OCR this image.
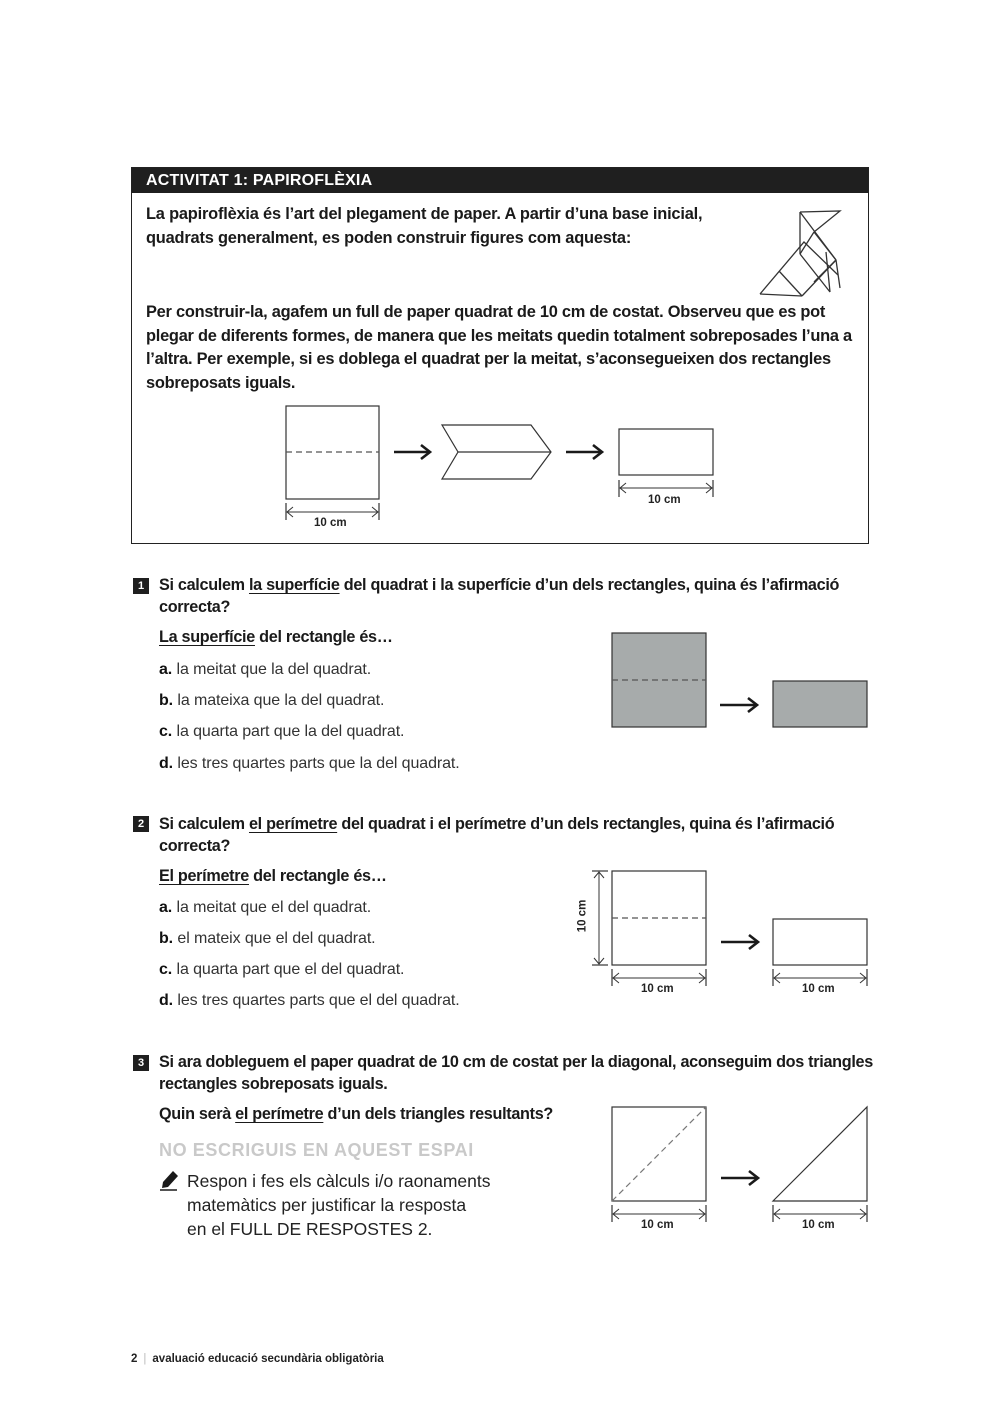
ACTIVITAT 1: PAPIROFLÈXIA
La papiroflèxia és l’art del plegament de paper. A partir d’una base inicial, quadrats generalment, es poden construir figures com aquesta:
Per construir-la, agafem un full de paper quadrat de 10 cm de costat. Observeu que es pot plegar de diferents formes, de manera que les meitats quedin totalment sobreposades l’una a l’altra. Per exemple, si es doblega el quadrat per la meitat, s’aconsegueixen dos rectangles sobreposats iguals.
10 cm
10 cm
1 Si calculem la superfície del quadrat i la superfície d’un dels rectangles, quina és l’afirmació correcta?
La superfície del rectangle és…
a. la meitat que la del quadrat.
b. la mateixa que la del quadrat.
c. la quarta part que la del quadrat.
d. les tres quartes parts que la del quadrat.
2 Si calculem el perímetre del quadrat i el perímetre d’un dels rectangles, quina és l’afirmació correcta?
El perímetre del rectangle és…
a. la meitat que el del quadrat.
b. el mateix que el del quadrat.
c. la quarta part que el del quadrat.
d. les tres quartes parts que el del quadrat.
10 cm
10 cm	10 cm
3 Si ara dobleguem el paper quadrat de 10 cm de costat per la diagonal, aconseguim dos triangles rectangles sobreposats iguals.
Quin serà el perímetre d’un dels triangles resultants?
NO ESCRIGUIS EN AQUEST ESPAI
Respon i fes els càlculs i/o raonaments
matemàtics per justificar la resposta
en el FULL DE RESPOSTES 2.	10 cm	10 cm
2 | avaluació educació secundària obligatòria
